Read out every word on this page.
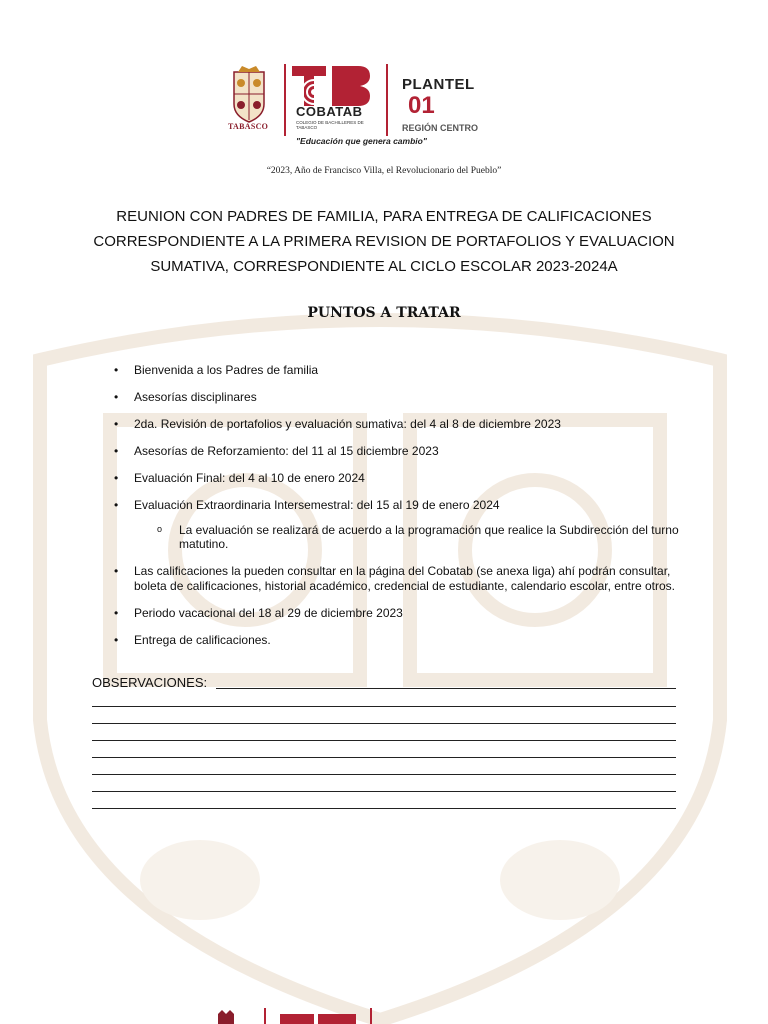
TABASCO
COBATAB
COLEGIO DE BACHILLERES DE TABASCO
PLANTEL
01
REGIÓN CENTRO
"Educación que genera cambio"
“2023, Año de Francisco Villa, el Revolucionario del Pueblo”
REUNION CON PADRES DE FAMILIA, PARA ENTREGA DE CALIFICACIONES CORRESPONDIENTE A LA PRIMERA REVISION DE PORTAFOLIOS Y EVALUACION SUMATIVA, CORRESPONDIENTE AL CICLO ESCOLAR 2023-2024A
PUNTOS A TRATAR
• Bienvenida a los Padres de familia
• Asesorías disciplinares
• 2da. Revisión de portafolios y evaluación sumativa: del 4 al 8 de diciembre 2023
• Asesorías de Reforzamiento: del 11 al 15 diciembre 2023
• Evaluación Final: del 4 al 10 de enero 2024
• Evaluación Extraordinaria Intersemestral: del 15 al 19 de enero 2024
o La evaluación se realizará de acuerdo a la programación que realice la Subdirección del turno matutino.
• Las calificaciones la pueden consultar en la página del Cobatab (se anexa liga) ahí podrán consultar, boleta de calificaciones, historial académico, credencial de estudiante, calendario escolar, entre otros.
• Periodo vacacional del 18 al 29 de diciembre 2023
• Entrega de calificaciones.
OBSERVACIONES:
